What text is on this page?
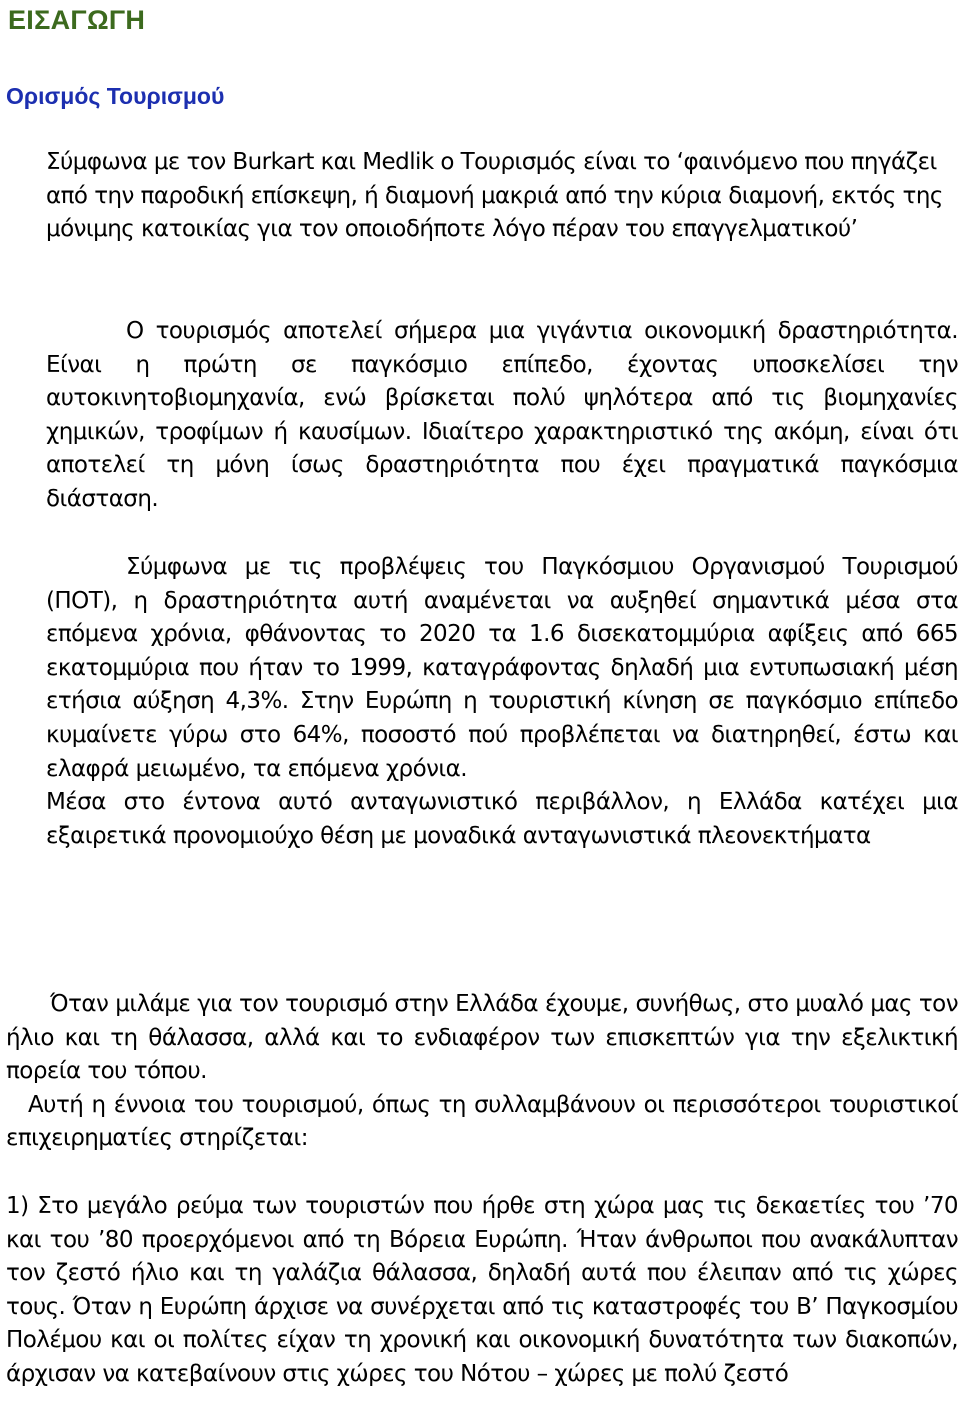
ΕΙΣΑΓΩΓΗ
Ορισμός Τουρισμού

Σύμφωνα με τον Burkart και Medlik ο Τουρισμός είναι το ‘φαινόμενο που πηγάζει από την παροδική επίσκεψη, ή διαμονή μακριά από την κύρια διαμονή, εκτός της μόνιμης κατοικίας για τον οποιοδήποτε λόγο πέραν του επαγγελματικού’

Ο τουρισμός αποτελεί σήμερα μια γιγάντια οικονομική δραστηριότητα. Είναι η πρώτη σε παγκόσμιο επίπεδο, έχοντας υποσκελίσει την αυτοκινητοβιομηχανία, ενώ βρίσκεται πολύ ψηλότερα από τις βιομηχανίες χημικών, τροφίμων ή καυσίμων. Ιδιαίτερο χαρακτηριστικό της ακόμη, είναι ότι αποτελεί τη μόνη ίσως δραστηριότητα που έχει πραγματικά παγκόσμια διάσταση.

Σύμφωνα με τις προβλέψεις του Παγκόσμιου Οργανισμού Τουρισμού (ΠΟΤ), η δραστηριότητα αυτή αναμένεται να αυξηθεί σημαντικά μέσα στα επόμενα χρόνια, φθάνοντας το 2020 τα 1.6 δισεκατομμύρια αφίξεις από 665 εκατομμύρια που ήταν το 1999, καταγράφοντας δηλαδή μια εντυπωσιακή μέση ετήσια αύξηση 4,3%. Στην Ευρώπη η τουριστική κίνηση σε παγκόσμιο επίπεδο κυμαίνετε γύρω στο 64%, ποσοστό πού προβλέπεται να διατηρηθεί, έστω και ελαφρά μειωμένο, τα επόμενα χρόνια.
Μέσα στο έντονα αυτό ανταγωνιστικό περιβάλλον, η Ελλάδα κατέχει μια εξαιρετικά προνομιούχο θέση με μοναδικά ανταγωνιστικά πλεονεκτήματα
Όταν μιλάμε για τον τουρισμό στην Ελλάδα έχουμε, συνήθως, στο μυαλό μας τον ήλιο και τη θάλασσα, αλλά και το ενδιαφέρον των επισκεπτών για την εξελικτική πορεία του τόπου.
Αυτή η έννοια του τουρισμού, όπως τη συλλαμβάνουν οι περισσότεροι τουριστικοί επιχειρηματίες στηρίζεται:

1) Στο μεγάλο ρεύμα των τουριστών που ήρθε στη χώρα μας τις δεκαετίες του ’70 και του ’80 προερχόμενοι από τη Βόρεια Ευρώπη. Ήταν άνθρωποι που ανακάλυπταν τον ζεστό ήλιο και τη γαλάζια θάλασσα, δηλαδή αυτά που έλειπαν από τις χώρες τους. Όταν η Ευρώπη άρχισε να συνέρχεται από τις καταστροφές του Β’ Παγκοσμίου Πολέμου και οι πολίτες είχαν τη χρονική και οικονομική δυνατότητα των διακοπών, άρχισαν να κατεβαίνουν στις χώρες του Νότου – χώρες με πολύ ζεστό
